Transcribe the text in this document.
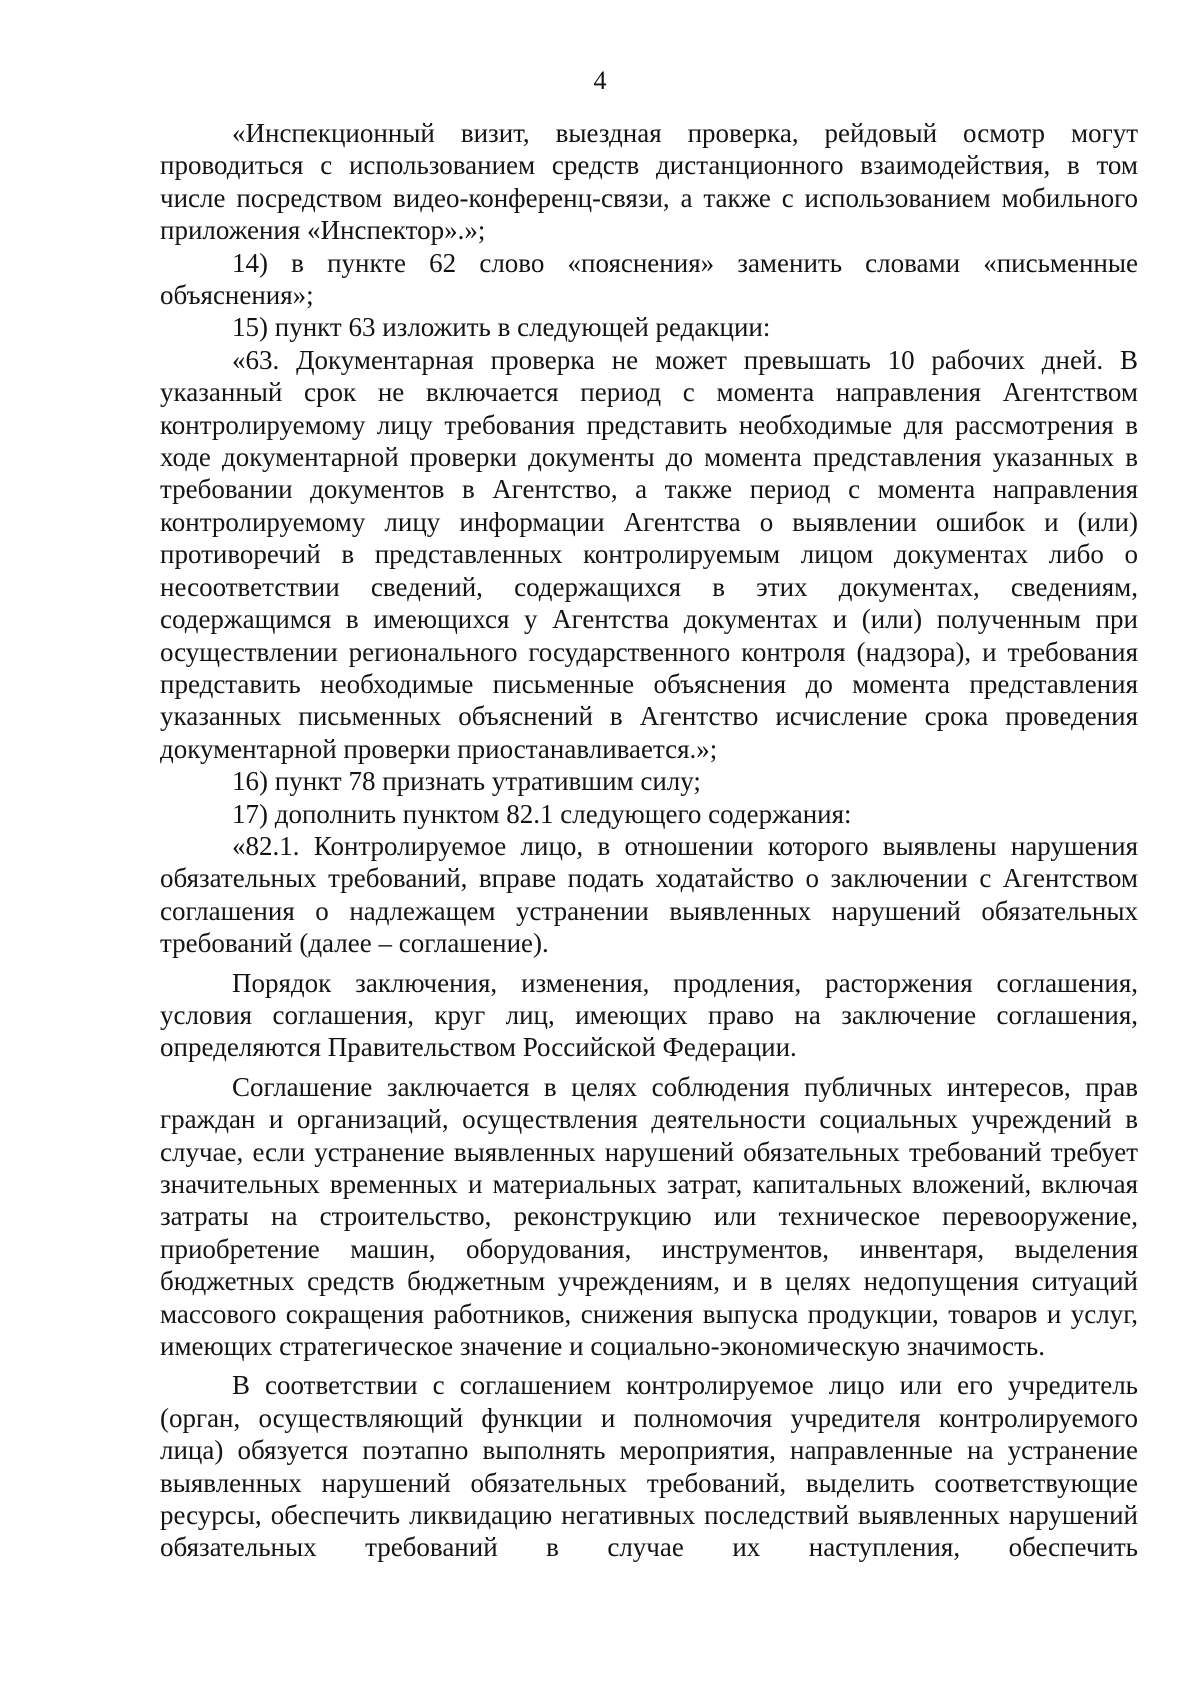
4

«Инспекционный визит, выездная проверка, рейдовый осмотр могут проводиться с использованием средств дистанционного взаимодействия, в том числе посредством видео-конференц-связи, а также с использованием мобильного приложения «Инспектор».»;

14) в пункте 62 слово «пояснения» заменить словами «письменные объяснения»;

15) пункт 63 изложить в следующей редакции:

«63. Документарная проверка не может превышать 10 рабочих дней. В указанный срок не включается период с момента направления Агентством контролируемому лицу требования представить необходимые для рассмотрения в ходе документарной проверки документы до момента представления указанных в требовании документов в Агентство, а также период с момента направления контролируемому лицу информации Агентства о выявлении ошибок и (или) противоречий в представленных контролируемым лицом документах либо о несоответствии сведений, содержащихся в этих документах, сведениям, содержащимся в имеющихся у Агентства документах и (или) полученным при осуществлении регионального государственного контроля (надзора), и требования представить необходимые письменные объяснения до момента представления указанных письменных объяснений в Агентство исчисление срока проведения документарной проверки приостанавливается.»;

16) пункт 78 признать утратившим силу;

17) дополнить пунктом 82.1 следующего содержания:

«82.1. Контролируемое лицо, в отношении которого выявлены нарушения обязательных требований, вправе подать ходатайство о заключении с Агентством соглашения о надлежащем устранении выявленных нарушений обязательных требований (далее – соглашение).

Порядок заключения, изменения, продления, расторжения соглашения, условия соглашения, круг лиц, имеющих право на заключение соглашения, определяются Правительством Российской Федерации.

Соглашение заключается в целях соблюдения публичных интересов, прав граждан и организаций, осуществления деятельности социальных учреждений в случае, если устранение выявленных нарушений обязательных требований требует значительных временных и материальных затрат, капитальных вложений, включая затраты на строительство, реконструкцию или техническое перевооружение, приобретение машин, оборудования, инструментов, инвентаря, выделения бюджетных средств бюджетным учреждениям, и в целях недопущения ситуаций массового сокращения работников, снижения выпуска продукции, товаров и услуг, имеющих стратегическое значение и социально-экономическую значимость.

В соответствии с соглашением контролируемое лицо или его учредитель (орган, осуществляющий функции и полномочия учредителя контролируемого лица) обязуется поэтапно выполнять мероприятия, направленные на устранение выявленных нарушений обязательных требований, выделить соответствующие ресурсы, обеспечить ликвидацию негативных последствий выявленных нарушений обязательных требований в случае их наступления, обеспечить
